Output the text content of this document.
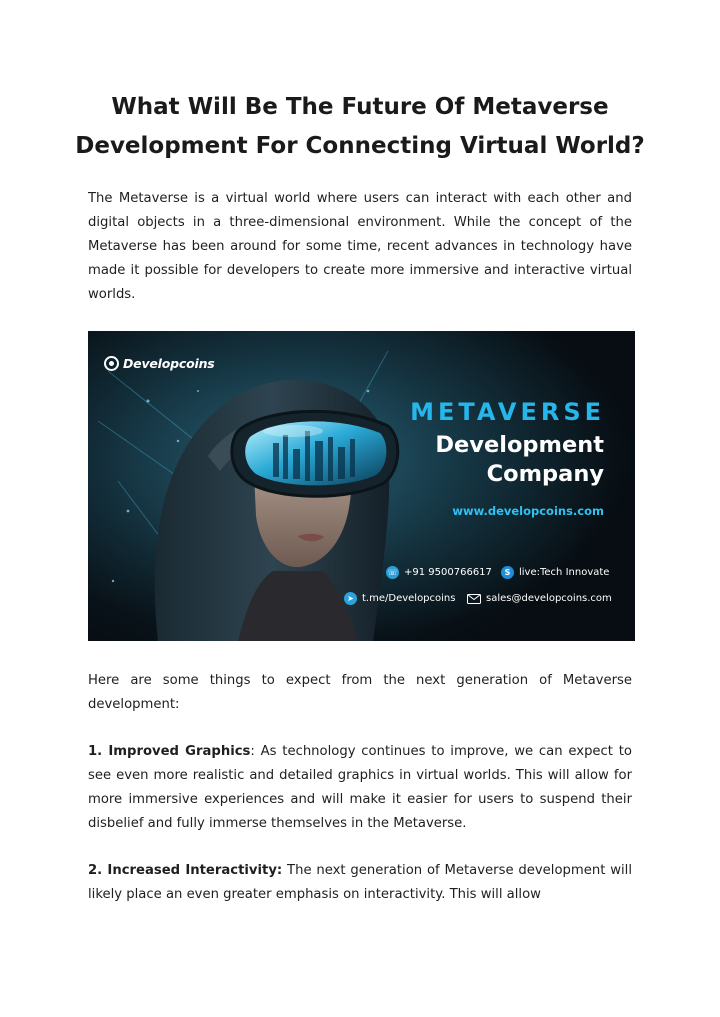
What Will Be The Future Of Metaverse
Development For Connecting Virtual World?

The Metaverse is a virtual world where users can interact with each other and digital objects in a three-dimensional environment. While the concept of the Metaverse has been around for some time, recent advances in technology have made it possible for developers to create more immersive and interactive virtual worlds.

Developcoins
METAVERSE
Development
Company
www.developcoins.com
☏ +91 9500766617	S live:Tech Innovate
➤ t.me/Developcoins	sales@developcoins.com

Here are some things to expect from the next generation of Metaverse development:

1. Improved Graphics: As technology continues to improve, we can expect to see even more realistic and detailed graphics in virtual worlds. This will allow for more immersive experiences and will make it easier for users to suspend their disbelief and fully immerse themselves in the Metaverse.

2. Increased Interactivity: The next generation of Metaverse development will likely place an even greater emphasis on interactivity. This will allow
